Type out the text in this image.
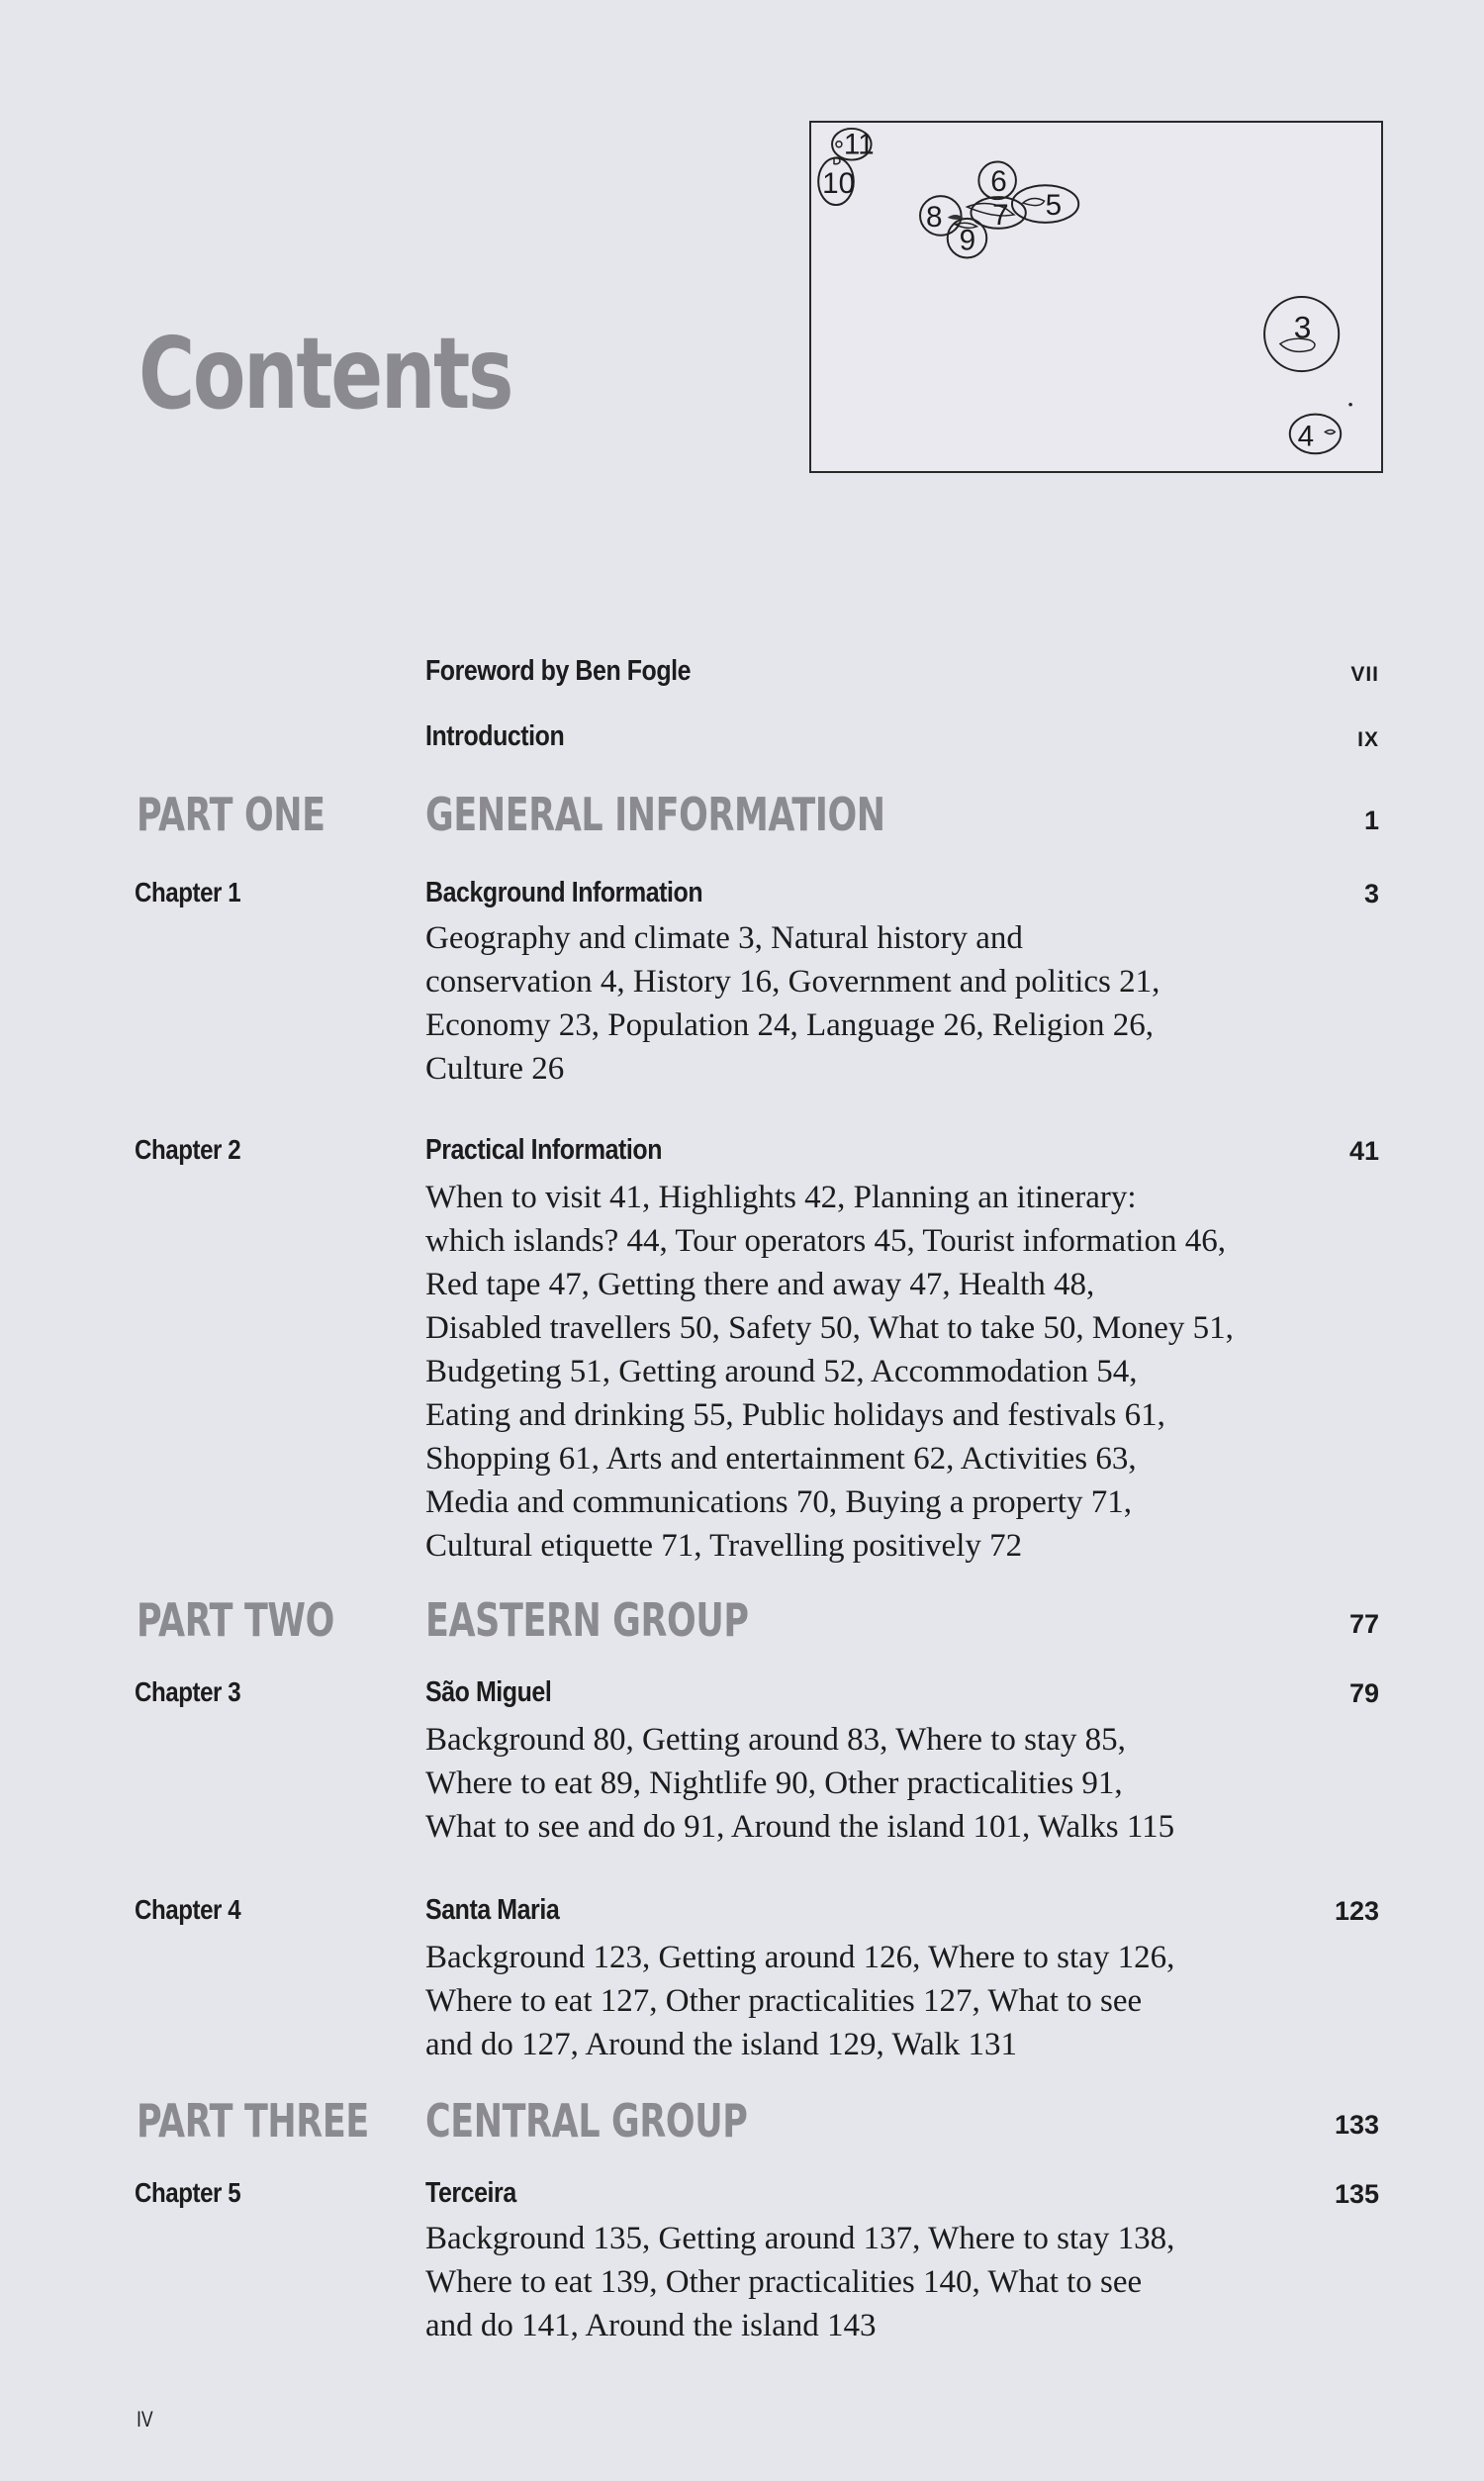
Contents
11
10	6
8 7 5
9
3
4
Foreword by Ben Fogle	VII
Introduction	IX
PART ONE GENERAL INFORMATION	1
Chapter 1	Background Information	3
Geography and climate 3, Natural history and
conservation 4, History 16, Government and politics 21,
Economy 23, Population 24, Language 26, Religion 26,
Culture 26
Chapter 2	Practical Information	41
When to visit 41, Highlights 42, Planning an itinerary:
which islands? 44, Tour operators 45, Tourist information 46,
Red tape 47, Getting there and away 47, Health 48,
Disabled travellers 50, Safety 50, What to take 50, Money 51,
Budgeting 51, Getting around 52, Accommodation 54,
Eating and drinking 55, Public holidays and festivals 61,
Shopping 61, Arts and entertainment 62, Activities 63,
Media and communications 70, Buying a property 71,
Cultural etiquette 71, Travelling positively 72
PART TWO EASTERN GROUP	77
Chapter 3	São Miguel	79
Background 80, Getting around 83, Where to stay 85,
Where to eat 89, Nightlife 90, Other practicalities 91,
What to see and do 91, Around the island 101, Walks 115
Chapter 4	Santa Maria	123
Background 123, Getting around 126, Where to stay 126,
Where to eat 127, Other practicalities 127, What to see
and do 127, Around the island 129, Walk 131
PART THREE CENTRAL GROUP	133
Chapter 5	Terceira	135
Background 135, Getting around 137, Where to stay 138,
Where to eat 139, Other practicalities 140, What to see
and do 141, Around the island 143
IV
